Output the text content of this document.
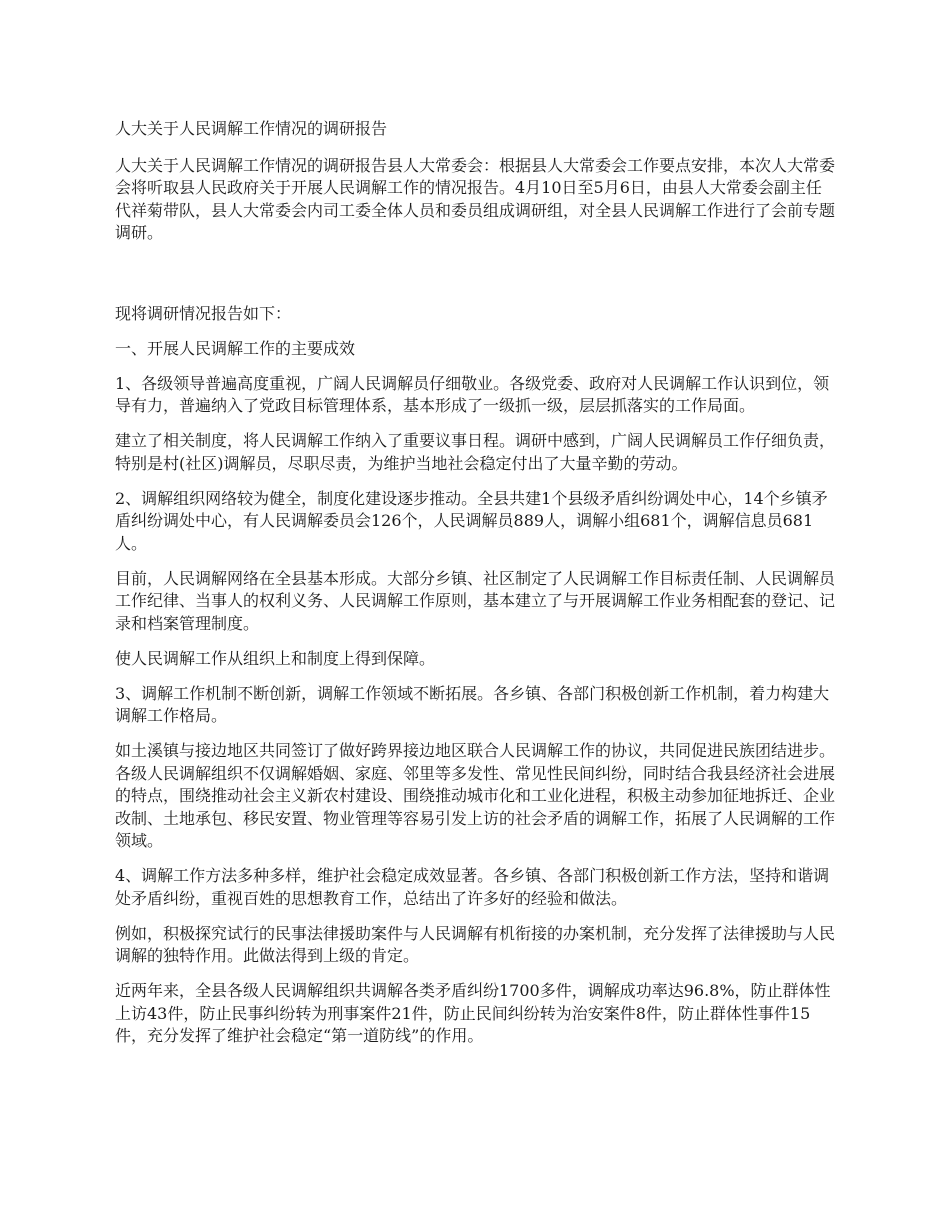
人大关于人民调解工作情况的调研报告

人大关于人民调解工作情况的调研报告县人大常委会：根据县人大常委会工作要点安排，本次人大常委会将听取县人民政府关于开展人民调解工作的情况报告。4月10日至5月6日，由县人大常委会副主任代祥菊带队，县人大常委会内司工委全体人员和委员组成调研组，对全县人民调解工作进行了会前专题调研。

现将调研情况报告如下：

一、开展人民调解工作的主要成效

1、各级领导普遍高度重视，广阔人民调解员仔细敬业。各级党委、政府对人民调解工作认识到位，领导有力，普遍纳入了党政目标管理体系，基本形成了一级抓一级，层层抓落实的工作局面。

建立了相关制度，将人民调解工作纳入了重要议事日程。调研中感到，广阔人民调解员工作仔细负责，特别是村(社区)调解员，尽职尽责，为维护当地社会稳定付出了大量辛勤的劳动。

2、调解组织网络较为健全，制度化建设逐步推动。全县共建1个县级矛盾纠纷调处中心，14个乡镇矛盾纠纷调处中心，有人民调解委员会126个，人民调解员889人，调解小组681个，调解信息员681人。

目前，人民调解网络在全县基本形成。大部分乡镇、社区制定了人民调解工作目标责任制、人民调解员工作纪律、当事人的权利义务、人民调解工作原则，基本建立了与开展调解工作业务相配套的登记、记录和档案管理制度。

使人民调解工作从组织上和制度上得到保障。

3、调解工作机制不断创新，调解工作领域不断拓展。各乡镇、各部门积极创新工作机制，着力构建大调解工作格局。

如土溪镇与接边地区共同签订了做好跨界接边地区联合人民调解工作的协议，共同促进民族团结进步。各级人民调解组织不仅调解婚姻、家庭、邻里等多发性、常见性民间纠纷，同时结合我县经济社会进展的特点，围绕推动社会主义新农村建设、围绕推动城市化和工业化进程，积极主动参加征地拆迁、企业改制、土地承包、移民安置、物业管理等容易引发上访的社会矛盾的调解工作，拓展了人民调解的工作领域。

4、调解工作方法多种多样，维护社会稳定成效显著。各乡镇、各部门积极创新工作方法，坚持和谐调处矛盾纠纷，重视百姓的思想教育工作，总结出了许多好的经验和做法。

例如，积极探究试行的民事法律援助案件与人民调解有机衔接的办案机制，充分发挥了法律援助与人民调解的独特作用。此做法得到上级的肯定。

近两年来，全县各级人民调解组织共调解各类矛盾纠纷1700多件，调解成功率达96.8%，防止群体性上访43件，防止民事纠纷转为刑事案件21件，防止民间纠纷转为治安案件8件，防止群体性事件15件，充分发挥了维护社会稳定“第一道防线”的作用。
